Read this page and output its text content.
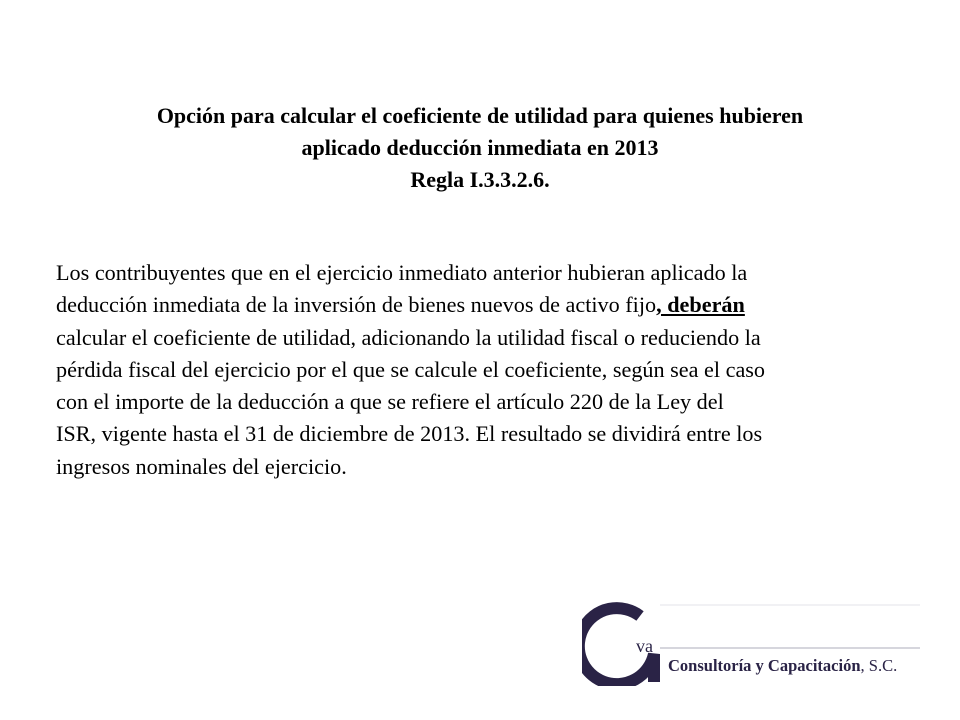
Opción para calcular el coeficiente de utilidad para quienes hubieren
aplicado deducción inmediata en 2013
Regla I.3.3.2.6.
Los contribuyentes que en el ejercicio inmediato anterior hubieran aplicado la
deducción inmediata de la inversión de bienes nuevos de activo fijo, deberán
calcular el coeficiente de utilidad, adicionando la utilidad fiscal o reduciendo la
pérdida fiscal del ejercicio por el que se calcule el coeficiente, según sea el caso
con el importe de la deducción a que se refiere el artículo 220 de la Ley del
ISR, vigente hasta el 31 de diciembre de 2013. El resultado se dividirá entre los
ingresos nominales del ejercicio.
va
Consultoría y Capacitación, S.C.
